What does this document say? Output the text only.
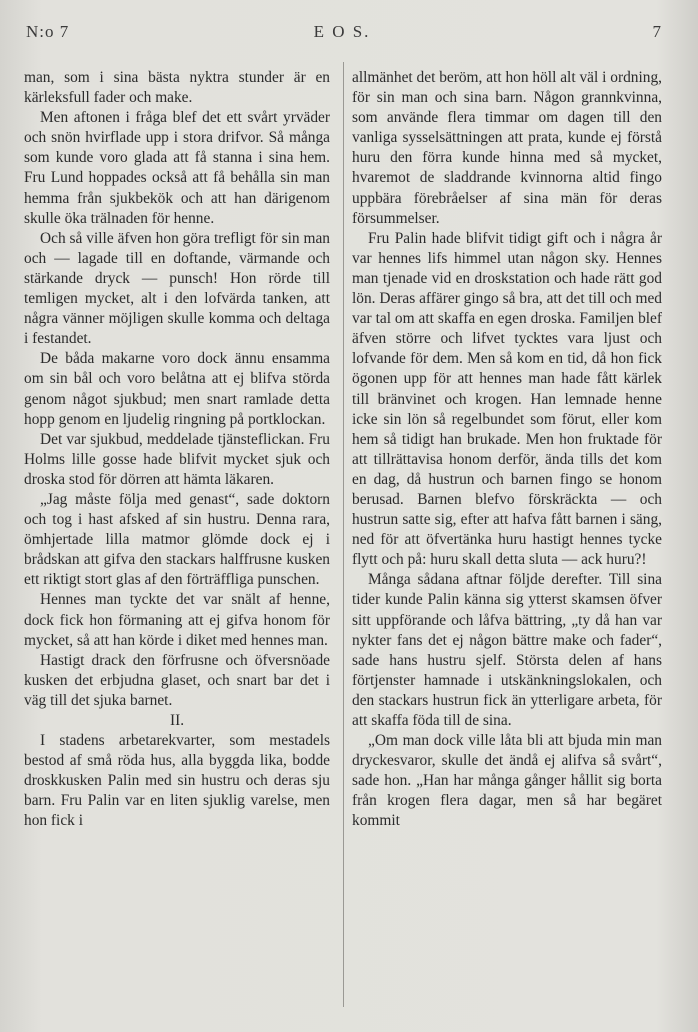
N:o 7	E O S.	7

man, som i sina bästa nyktra stunder är en kärleksfull fader och make.

Men aftonen i fråga blef det ett svårt yrväder och snön hvirflade upp i stora drifvor. Så många som kunde voro glada att få stanna i sina hem. Fru Lund hoppades också att få behålla sin man hemma från sjukbekök och att han därigenom skulle öka trälnaden för henne.

Och så ville äfven hon göra trefligt för sin man och — lagade till en doftande, värmande och stärkande dryck — punsch! Hon rörde till temligen mycket, alt i den lofvärda tanken, att några vänner möjligen skulle komma och deltaga i festandet.

De båda makarne voro dock ännu ensamma om sin bål och voro belåtna att ej blifva störda genom något sjukbud; men snart ramlade detta hopp genom en ljudelig ringning på portklockan.

Det var sjukbud, meddelade tjänsteflickan. Fru Holms lille gosse hade blifvit mycket sjuk och droska stod för dörren att hämta läkaren.

„Jag måste följa med genast“, sade doktorn och tog i hast afsked af sin hustru. Denna rara, ömhjertade lilla matmor glömde dock ej i brådskan att gifva den stackars halffrusne kusken ett riktigt stort glas af den förträffliga punschen.

Hennes man tyckte det var snält af henne, dock fick hon förmaning att ej gifva honom för mycket, så att han körde i diket med hennes man.

Hastigt drack den förfrusne och öfversnöade kusken det erbjudna glaset, och snart bar det i väg till det sjuka barnet.

II.

I stadens arbetarekvarter, som mestadels bestod af små röda hus, alla byggda lika, bodde droskkusken Palin med sin hustru och deras sju barn. Fru Palin var en liten sjuklig varelse, men hon fick i

allmänhet det beröm, att hon höll alt väl i ordning, för sin man och sina barn. Någon grannkvinna, som använde flera timmar om dagen till den vanliga sysselsättningen att prata, kunde ej förstå huru den förra kunde hinna med så mycket, hvaremot de sladdrande kvinnorna altid fingo uppbära förebråelser af sina män för deras försummelser.

Fru Palin hade blifvit tidigt gift och i några år var hennes lifs himmel utan någon sky. Hennes man tjenade vid en droskstation och hade rätt god lön. Deras affärer gingo så bra, att det till och med var tal om att skaffa en egen droska. Familjen blef äfven större och lifvet tycktes vara ljust och lofvande för dem. Men så kom en tid, då hon fick ögonen upp för att hennes man hade fått kärlek till bränvinet och krogen. Han lemnade henne icke sin lön så regelbundet som förut, eller kom hem så tidigt han brukade. Men hon fruktade för att tillrättavisa honom derför, ända tills det kom en dag, då hustrun och barnen fingo se honom berusad. Barnen blefvo förskräckta — och hustrun satte sig, efter att hafva fått barnen i säng, ned för att öfvertänka huru hastigt hennes tycke flytt och på: huru skall detta sluta — ack huru?!

Många sådana aftnar följde derefter. Till sina tider kunde Palin känna sig ytterst skamsen öfver sitt uppförande och låfva bättring, „ty då han var nykter fans det ej någon bättre make och fader“, sade hans hustru sjelf. Största delen af hans förtjenster hamnade i utskänkningslokalen, och den stackars hustrun fick än ytterligare arbeta, för att skaffa föda till de sina.

„Om man dock ville låta bli att bjuda min man dryckesvaror, skulle det ändå ej alifva så svårt“, sade hon. „Han har många gånger hållit sig borta från krogen flera dagar, men så har begäret kommit
